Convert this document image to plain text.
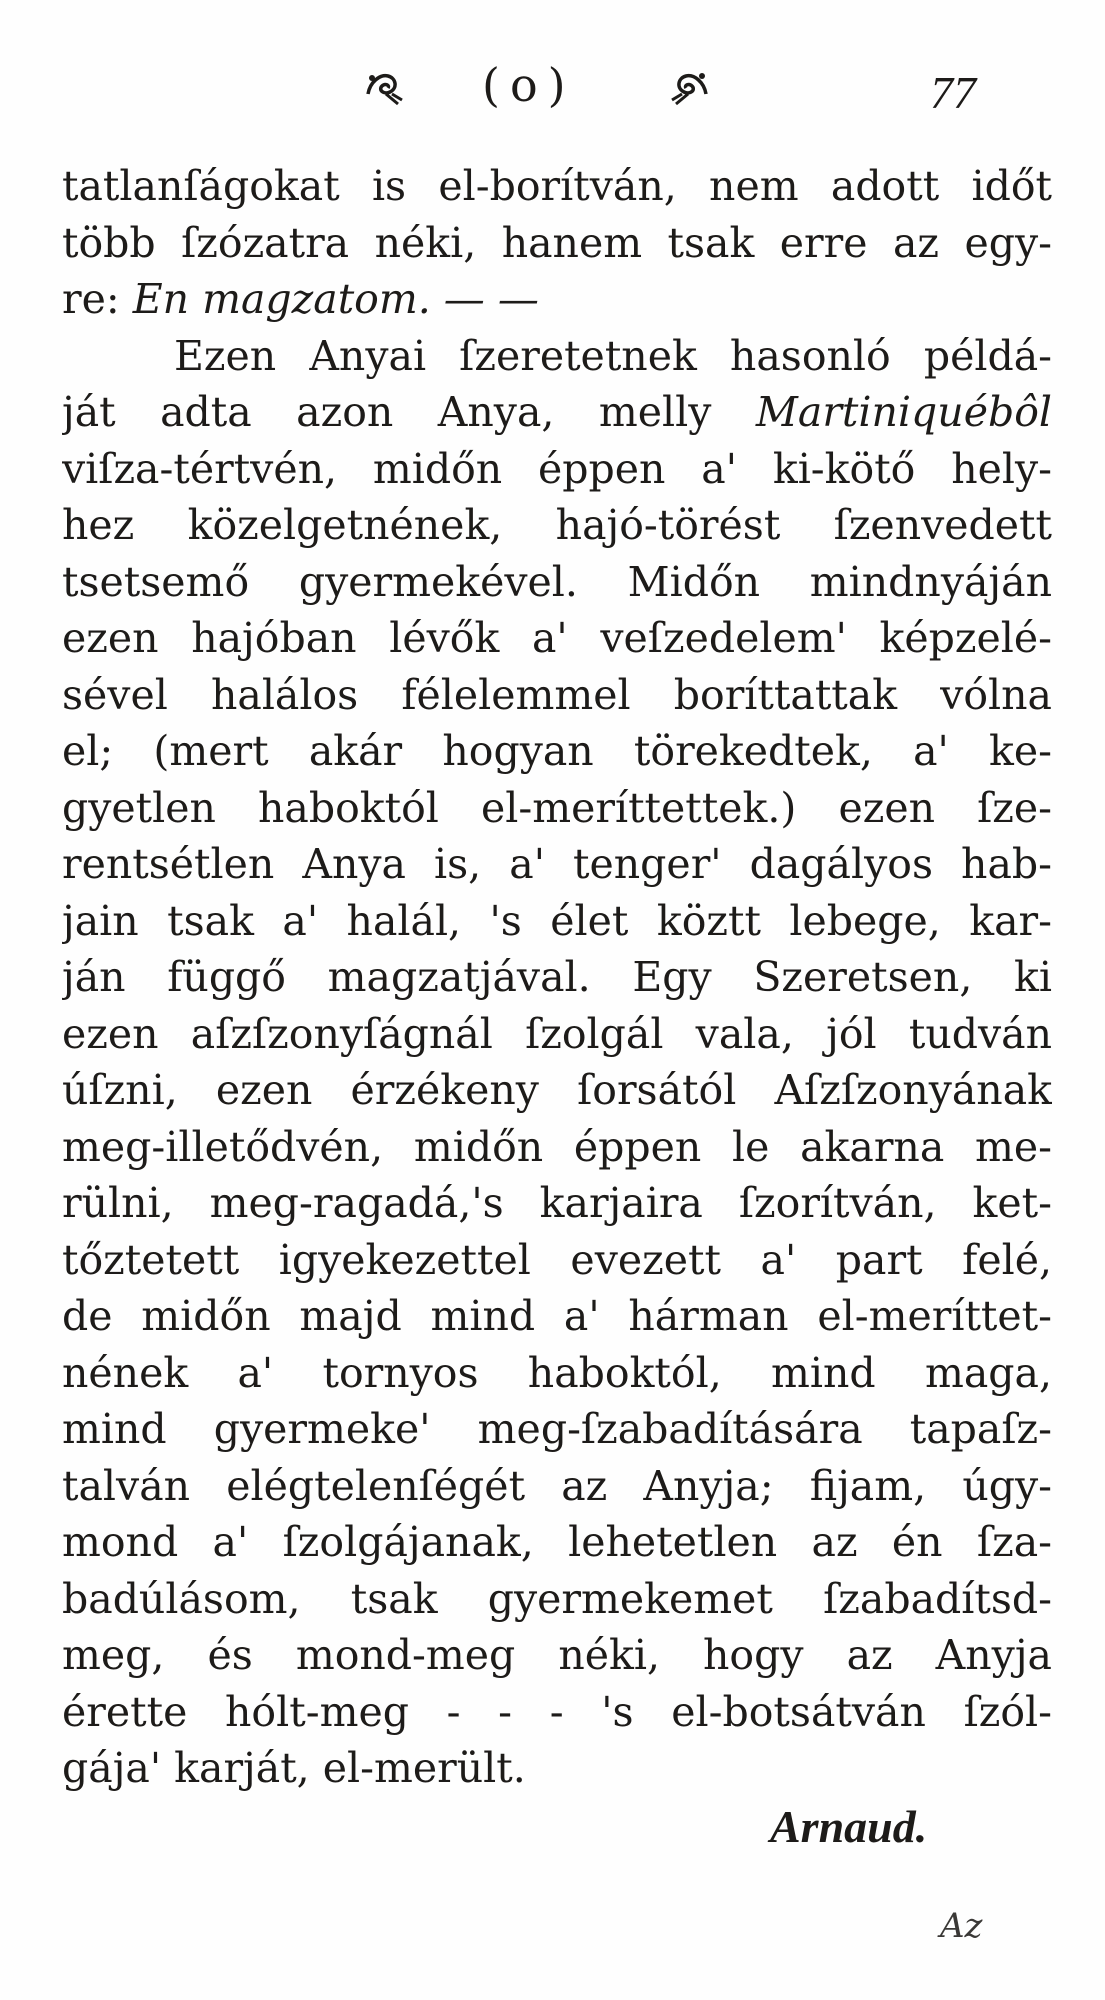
(o)	77
tatlanſágokat is el-borítván, nem adott időt
több ſzózatra néki, hanem tsak erre az egy-
re: En magzatom. — —
Ezen Anyai ſzeretetnek hasonló példá-
ját adta azon Anya, melly Martiniquébôl
viſza-tértvén, midőn éppen a' ki-kötő hely-
hez közelgetnének, hajó-törést ſzenvedett
tsetsemő gyermekével. Midőn mindnyáján
ezen hajóban lévők a' veſzedelem' képzelé-
sével halálos félelemmel boríttattak vólna
el; (mert akár hogyan törekedtek, a' ke-
gyetlen haboktól el-meríttettek.) ezen ſze-
rentsétlen Anya is, a' tenger' dagályos hab-
jain tsak a' halál, 's élet köztt lebege, kar-
ján függő magzatjával. Egy Szeretsen, ki
ezen aſzſzonyſágnál ſzolgál vala, jól tudván
úſzni, ezen érzékeny ſorsától Aſzſzonyának
meg-illetődvén, midőn éppen le akarna me-
rülni, meg-ragadá,'s karjaira ſzorítván, ket-
tőztetett igyekezettel evezett a' part felé,
de midőn majd mind a' hárman el-meríttet-
nének a' tornyos haboktól, mind maga,
mind gyermeke' meg-ſzabadítására tapaſz-
talván elégtelenſégét az Anyja; fijam, úgy-
mond a' ſzolgájanak, lehetetlen az én ſza-
badúlásom, tsak gyermekemet ſzabadítsd-
meg, és mond-meg néki, hogy az Anyja
érette hólt-meg - - - 's el-botsátván ſzól-
gája' karját, el-merült.
Arnaud.
Az
